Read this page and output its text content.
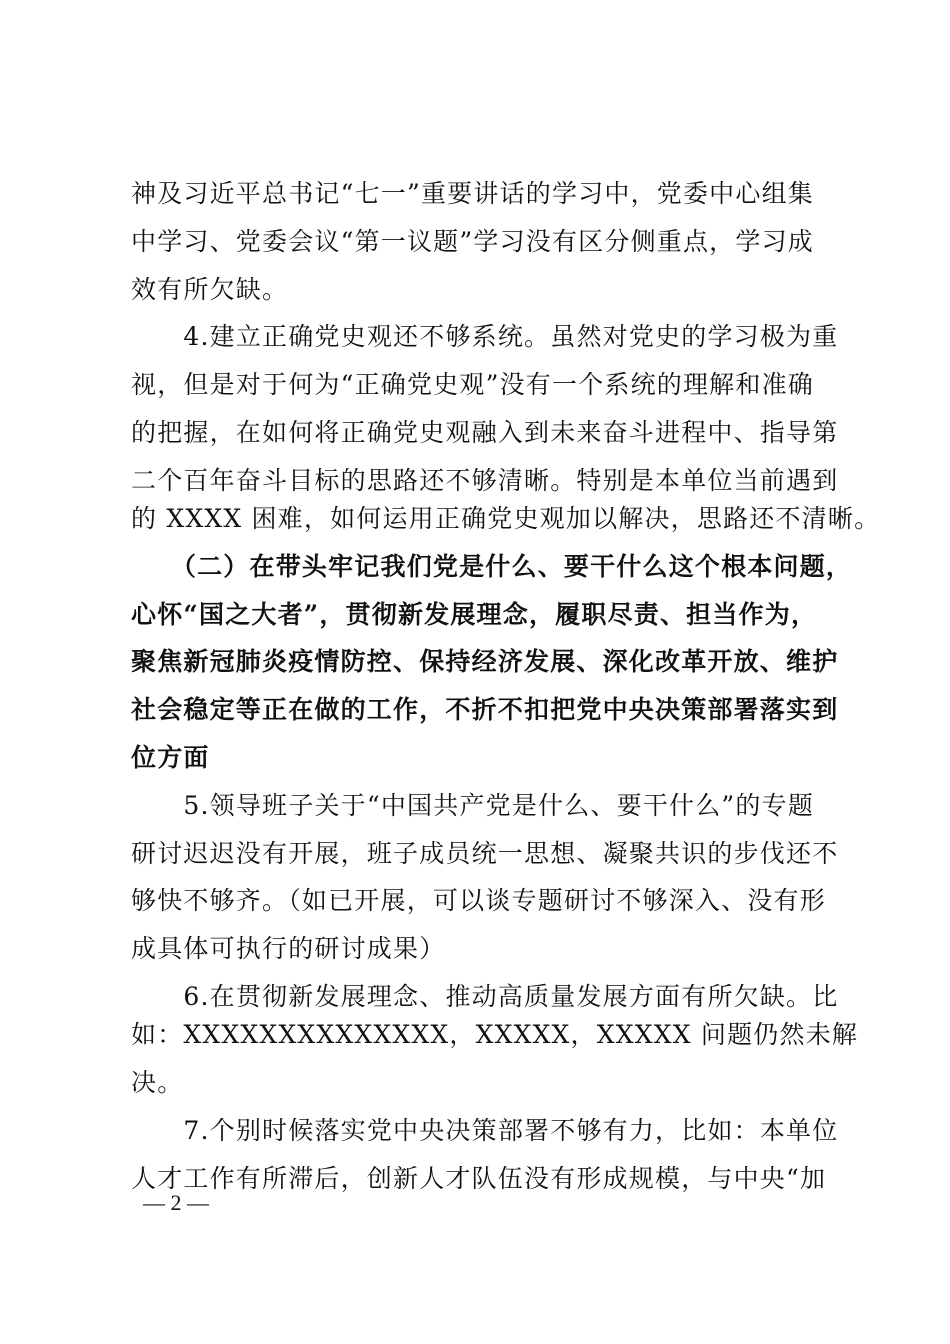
神及习近平总书记“七一”重要讲话的学习中，党委中心组集
中学习、党委会议“第一议题”学习没有区分侧重点，学习成
效有所欠缺。
　　4.建立正确党史观还不够系统。虽然对党史的学习极为重
视，但是对于何为“正确党史观”没有一个系统的理解和准确
的把握，在如何将正确党史观融入到未来奋斗进程中、指导第
二个百年奋斗目标的思路还不够清晰。特别是本单位当前遇到
的 XXXX 困难，如何运用正确党史观加以解决，思路还不清晰。
　　（二）在带头牢记我们党是什么、要干什么这个根本问题，
心怀“国之大者”，贯彻新发展理念，履职尽责、担当作为，
聚焦新冠肺炎疫情防控、保持经济发展、深化改革开放、维护
社会稳定等正在做的工作，不折不扣把党中央决策部署落实到
位方面
　　5.领导班子关于“中国共产党是什么、要干什么”的专题
研讨迟迟没有开展，班子成员统一思想、凝聚共识的步伐还不
够快不够齐。（如已开展，可以谈专题研讨不够深入、没有形
成具体可执行的研讨成果）
　　6.在贯彻新发展理念、推动高质量发展方面有所欠缺。比
如：XXXXXXXXXXXXXX，XXXXX，XXXXX 问题仍然未解
决。
　　7.个别时候落实党中央决策部署不够有力，比如：本单位
人才工作有所滞后，创新人才队伍没有形成规模，与中央“加
— 2 —
